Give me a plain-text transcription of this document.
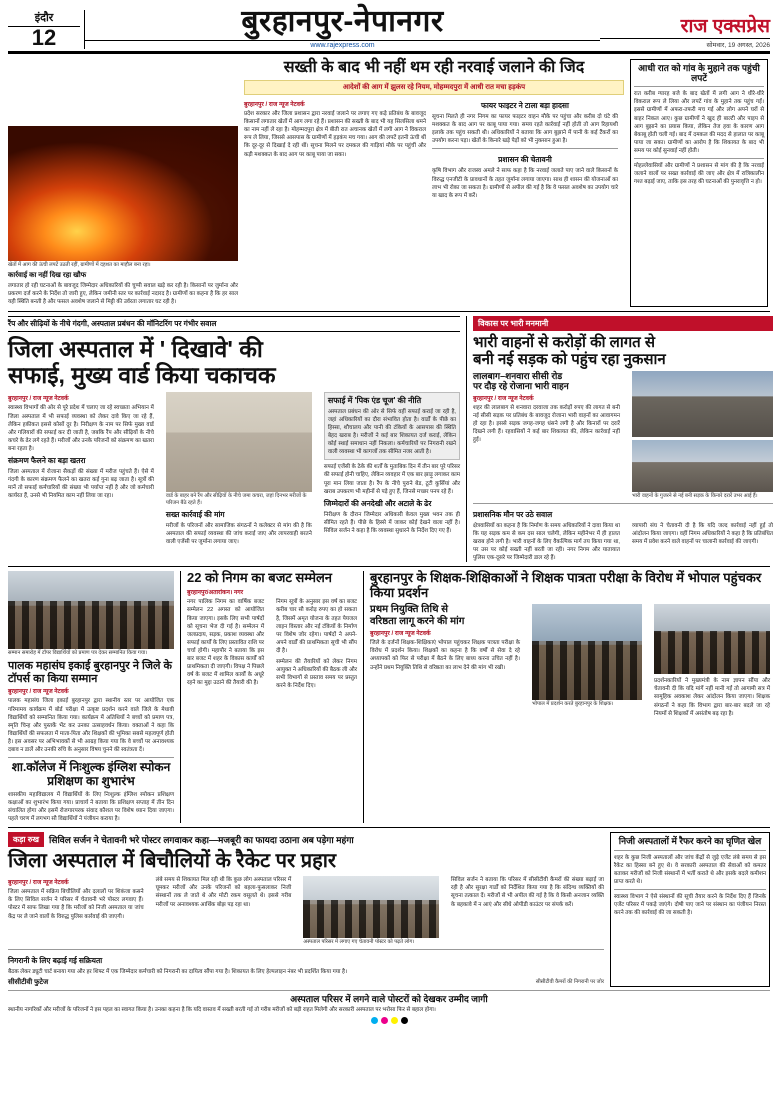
इंदौर
12	बुरहानपुर-नेपानगर
www.rajexpress.com
राज एक्सप्रेस
सोमवार, 19 अगस्त, 2026
खेतों में आग की ऊंची लपटें उठती रहीं, ग्रामीणों में दहशत का माहौल बना रहा।
कार्रवाई का नहीं दिख रहा खौफ
लगातार हो रही घटनाओं के बावजूद जिम्मेदार अधिकारियों की चुप्पी सवाल खड़े कर रही है। किसानों पर जुर्माना और प्रकरण दर्ज करने के निर्देश तो जारी हुए, लेकिन जमीनी स्तर पर कार्रवाई नदारद है। ग्रामीणों का कहना है कि हर साल यही स्थिति बनती है और फसल अवशेष जलाने से मिट्टी की उर्वरता लगातार घट रही है।
सख्ती के बाद भी नहीं थम रही नरवाई जलाने की जिद
आदेशों की आग में झुलस रहे नियम, मोहम्मदपुरा में आधी रात मचा हड़कंप
बुरहानपुर / राज न्यूज नेटवर्क
प्रदेश सरकार और जिला प्रशासन द्वारा नरवाई जलाने पर लगाए गए कड़े प्रतिबंध के बावजूद किसानों लगातार खेतों में आग लगा रहे हैं। प्रशासन की सख्ती के बाद भी यह सिलसिला थमने का नाम नहीं ले रहा है। मोहम्मदपुरा क्षेत्र में बीती रात अचानक खेतों में लगी आग ने विकराल रूप ले लिया, जिससे आसपास के ग्रामीणों में हड़कंप मच गया। आग की लपटें इतनी ऊंची थीं कि दूर-दूर से दिखाई दे रही थीं। सूचना मिलने पर दमकल की गाड़ियां मौके पर पहुंचीं और कड़ी मशक्कत के बाद आग पर काबू पाया जा सका।
फायर फाइटर ने टाला बड़ा हादसा
सूचना मिलते ही नगर निगम का फायर फाइटर वाहन मौके पर पहुंचा और करीब दो घंटे की मशक्कत के बाद आग पर काबू पाया गया। समय रहते कार्रवाई नहीं होती तो आग रिहायशी इलाके तक पहुंच सकती थी। अधिकारियों ने बताया कि आग बुझाने में पानी के कई टैंकरों का उपयोग करना पड़ा। खेतों के किनारे खड़े पेड़ों को भी नुकसान हुआ है।
प्रशासन की चेतावनी
कृषि विभाग और राजस्व अमले ने साफ कहा है कि नरवाई जलाते पाए जाने वाले किसानों के विरुद्ध एनजीटी के प्रावधानों के तहत जुर्माना लगाया जाएगा। साथ ही शासन की योजनाओं का लाभ भी रोका जा सकता है। ग्रामीणों से अपील की गई है कि वे फसल अवशेष का उपयोग चारे या खाद के रूप में करें।
आधी रात को गांव के मुहाने तक पहुंची लपटें
रात करीब ग्यारह बजे के बाद खेतों में लगी आग ने धीरे-धीरे विकराल रूप ले लिया और लपटें गांव के मुहाने तक पहुंच गईं। इससे ग्रामीणों में अफरा-तफरी मच गई और लोग अपने घरों से बाहर निकल आए। कुछ ग्रामीणों ने खुद ही बाल्टी और पाइप से आग बुझाने का प्रयास किया, लेकिन तेज हवा के कारण आग बेकाबू होती चली गई। बाद में दमकल की मदद से हालात पर काबू पाया जा सका। ग्रामीणों का आरोप है कि शिकायत के बाद भी समय पर कोई सुनवाई नहीं होती।
मोहल्लेवासियों और ग्रामीणों ने प्रशासन से मांग की है कि नरवाई जलाने वालों पर सख्त कार्रवाई की जाए और क्षेत्र में रात्रिकालीन गश्त बढ़ाई जाए, ताकि इस तरह की घटनाओं की पुनरावृत्ति न हो।
रैंप और सीढ़ियों के नीचे गंदगी, अस्पताल प्रबंधन की मॉनिटरिंग पर गंभीर सवाल
जिला अस्पताल में ' दिखावे' की
सफाई, मुख्य वार्ड किया चकाचक
बुरहानपुर / राज न्यूज नेटवर्क
स्वास्थ्य विभागों की ओर से पूरे प्रदेश में चलाए जा रहे स्वच्छता अभियान में जिला अस्पताल में भी सफाई व्यवस्था को लेकर दावे किए जा रहे हैं, लेकिन हकीकत इससे कोसों दूर है। निरीक्षण के नाम पर सिर्फ मुख्य वार्ड और गलियारों की सफाई कर दी जाती है, जबकि रैंप और सीढ़ियों के नीचे कचरे के ढेर लगे रहते हैं। मरीजों और उनके परिजनों को संक्रमण का खतरा बना रहता है।
संक्रमण फैलने का बड़ा खतरा
जिला अस्पताल में रोजाना सैकड़ों की संख्या में मरीज पहुंचते हैं। ऐसे में गंदगी के कारण संक्रमण फैलने का खतरा कई गुना बढ़ जाता है। सूत्रों की मानें तो सफाई कर्मचारियों की संख्या भी पर्याप्त नहीं है और जो कर्मचारी कार्यरत हैं, उनसे भी नियमित काम नहीं लिया जा रहा।	वार्ड के बाहर बने रैंप और सीढ़ियों के नीचे जमा कचरा, जहां दिनभर मरीजों के परिजन बैठे रहते हैं।
सख्त कार्रवाई की मांग
मरीजों के परिजनों और सामाजिक संगठनों ने कलेक्टर से मांग की है कि अस्पताल की सफाई व्यवस्था की जांच कराई जाए और लापरवाही बरतने वाली एजेंसी पर जुर्माना लगाया जाए।
सफाई में 'पिक एंड चूज' की नीति
अस्पताल प्रबंधन की ओर से सिर्फ वहीं सफाई कराई जा रही है, जहां अधिकारियों का दौरा संभावित होता है। वार्डों के पीछे का हिस्सा, शौचालय और पानी की टंकियों के आसपास की स्थिति बेहद खराब है। मरीजों ने कई बार शिकायत दर्ज कराई, लेकिन कोई स्थाई समाधान नहीं निकला। कर्मचारियों पर निगरानी रखने वाली व्यवस्था भी कागजों तक सीमित नजर आती है।
सफाई एजेंसी के ठेके की शर्तों के मुताबिक दिन में तीन बार पूरे परिसर की सफाई होनी चाहिए, लेकिन व्यवहार में एक बार झाड़ू लगाकर काम पूरा मान लिया जाता है। रैंप के नीचे पुराने बेड, टूटी कुर्सियां और खराब उपकरण भी महीनों से पड़े हुए हैं, जिनसे मच्छर पनप रहे हैं।
जिम्मेदारों की अनदेखी और अटाले के ढेर
निरीक्षण के दौरान जिम्मेदार अधिकारी केवल मुख्य भवन तक ही सीमित रहते हैं। पीछे के हिस्से में जाकर कोई देखने वाला नहीं है। सिविल सर्जन ने कहा है कि व्यवस्था सुधारने के निर्देश दिए गए हैं।
विकास पर भारी मनमानी
भारी वाहनों से करोड़ों की लागत से
बनी नई सड़क को पहुंच रहा नुकसान
लालबाग–शनवारा सीसी रोड
पर दौड़ रहे रोजाना भारी वाहन
बुरहानपुर / राज न्यूज नेटवर्क
शहर की लालबाग से शनवारा दरवाजा तक करोड़ों रुपए की लागत से बनी नई सीसी सड़क पर प्रतिबंध के बावजूद रोजाना भारी वाहनों का आवागमन हो रहा है। इससे सड़क जगह-जगह धंसने लगी है और किनारों पर दरारें दिखने लगी हैं। रहवासियों ने कई बार शिकायत की, लेकिन कार्रवाई नहीं हुई।
भारी वाहनों के गुजरने से नई बनी सड़क के किनारे दरारें उभर आई हैं।
प्रशासनिक मौन पर उठे सवाल
क्षेत्रवासियों का कहना है कि निर्माण के समय अधिकारियों ने दावा किया था कि यह सड़क कम से कम दस साल चलेगी, लेकिन महीनेभर में ही हालत खराब होने लगी है। भारी वाहनों के लिए वैकल्पिक मार्ग तय किया गया था, पर उस पर कोई सख्ती नहीं बरती जा रही। नगर निगम और यातायात पुलिस एक-दूसरे पर जिम्मेदारी डाल रहे हैं।
व्यापारी संघ ने चेतावनी दी है कि यदि जल्द कार्रवाई नहीं हुई तो आंदोलन किया जाएगा। वहीं निगम अधिकारियों ने कहा है कि प्रतिबंधित समय में प्रवेश करने वाले वाहनों पर चालानी कार्रवाई की जाएगी।
सम्मान समारोह में टॉपर विद्यार्थियों को प्रमाण पत्र देकर सम्मानित किया गया।
पालक महासंघ इकाई बुरहानपुर ने जिले के टॉपर्स का किया सम्मान
बुरहानपुर / राज न्यूज नेटवर्क
पालक महासंघ जिला इकाई बुरहानपुर द्वारा स्थानीय स्तर पर आयोजित एक गरिमामय कार्यक्रम में बोर्ड परीक्षा में उत्कृष्ट प्रदर्शन करने वाले जिले के मेधावी विद्यार्थियों को सम्मानित किया गया। कार्यक्रम में अतिथियों ने बच्चों को प्रमाण पत्र, स्मृति चिन्ह और पुस्तकें भेंट कर उनका उत्साहवर्धन किया। वक्ताओं ने कहा कि विद्यार्थियों की सफलता में माता-पिता और शिक्षकों की भूमिका सबसे महत्वपूर्ण होती है। इस अवसर पर अभिभावकों से भी आग्रह किया गया कि वे बच्चों पर अनावश्यक दबाव न डालें और उनकी रुचि के अनुसार विषय चुनने की स्वतंत्रता दें।
शा.कॉलेज में निःशुल्क इंग्लिश स्पोकन प्रशिक्षण का शुभारंभ
शासकीय महाविद्यालय में विद्यार्थियों के लिए निःशुल्क इंग्लिश स्पोकन प्रशिक्षण कक्षाओं का शुभारंभ किया गया। प्राचार्य ने बताया कि प्रशिक्षण सप्ताह में तीन दिन संचालित होगा और इसमें रोजगारपरक संवाद कौशल पर विशेष ध्यान दिया जाएगा। पहले चरण में लगभग सौ विद्यार्थियों ने पंजीयन कराया है।
22 को निगम का बजट सम्मेलन
बुरहानपुर/अतारांकन। नगर
नगर पालिक निगम का वार्षिक बजट सम्मेलन 22 अगस्त को आयोजित किया जाएगा। इसके लिए सभी पार्षदों को सूचना भेज दी गई है। सम्मेलन में जलप्रदाय, सड़क, प्रकाश व्यवस्था और सफाई कार्यों के लिए प्रस्तावित राशि पर चर्चा होगी। महापौर ने बताया कि इस बार बजट में शहर के विकास कार्यों को प्राथमिकता दी जाएगी। विपक्ष ने पिछले वर्ष के बजट में शामिल कार्यों के अधूरे रहने का मुद्दा उठाने की तैयारी की है।
निगम सूत्रों के अनुसार इस वर्ष का बजट करीब चार सौ करोड़ रुपए का हो सकता है, जिसमें अमृत योजना के तहत पेयजल लाइन विस्तार और नई टंकियों के निर्माण पर विशेष जोर रहेगा। पार्षदों ने अपने-अपने वार्डों की प्राथमिकता सूची भी सौंप दी है।
सम्मेलन की तैयारियों को लेकर निगम आयुक्त ने अधिकारियों की बैठक ली और सभी विभागों से प्रस्ताव समय पर प्रस्तुत करने के निर्देश दिए।
बुरहानपुर के शिक्षक-शिक्षिकाओं ने शिक्षक पात्रता परीक्षा के विरोध में भोपाल पहुंचकर किया प्रदर्शन
प्रथम नियुक्ति तिथि से
वरिष्ठता लागू करने की मांग
बुरहानपुर / राज न्यूज नेटवर्क
जिले के दर्जनों शिक्षक-शिक्षिकाएं भोपाल पहुंचकर शिक्षक पात्रता परीक्षा के विरोध में प्रदर्शन किया। शिक्षकों का कहना है कि वर्षों से सेवा दे रहे अध्यापकों को फिर से परीक्षा में बैठने के लिए बाध्य करना उचित नहीं है। उन्होंने प्रथम नियुक्ति तिथि से वरिष्ठता का लाभ देने की मांग भी रखी।
भोपाल में प्रदर्शन करते बुरहानपुर के शिक्षक।
प्रदर्शनकारियों ने मुख्यमंत्री के नाम ज्ञापन सौंपा और चेतावनी दी कि यदि मांगें नहीं मानी गईं तो आगामी सत्र में सामूहिक अवकाश लेकर आंदोलन किया जाएगा। शिक्षक संगठनों ने कहा कि विभाग द्वारा बार-बार बदले जा रहे नियमों से शिक्षकों में असंतोष बढ़ रहा है।
कड़ा रुख	सिविल सर्जन ने चेतावनी भरे पोस्टर लगवाकर कहा—मजबूरी का फायदा उठाना अब पड़ेगा महंगा
जिला अस्पताल में बिचौलियों के रैकेट पर प्रहार
बुरहानपुर / राज न्यूज नेटवर्क
जिला अस्पताल में सक्रिय बिचौलियों और दलालों पर शिकंजा कसने के लिए सिविल सर्जन ने परिसर में चेतावनी भरे पोस्टर लगवाए हैं। पोस्टर में साफ लिखा गया है कि मरीजों को निजी अस्पताल या जांच केंद्र पर ले जाने वालों के विरुद्ध पुलिस कार्रवाई की जाएगी।
लंबे समय से शिकायत मिल रही थी कि कुछ लोग अस्पताल परिसर में घूमकर मरीजों और उनके परिजनों को बहला-फुसलाकर निजी संस्थानों तक ले जाते थे और मोटी रकम वसूलते थे। इससे गरीब मरीजों पर अनावश्यक आर्थिक बोझ पड़ रहा था।
अस्पताल परिसर में लगाए गए चेतावनी पोस्टर को पढ़ते लोग।
सिविल सर्जन ने बताया कि परिसर में सीसीटीवी कैमरों की संख्या बढ़ाई जा रही है और सुरक्षा गार्डों को निर्देशित किया गया है कि संदिग्ध व्यक्तियों की सूचना तत्काल दें। मरीजों से भी अपील की गई है कि वे किसी अनजान व्यक्ति के बहकावे में न आएं और सीधे ओपीडी काउंटर पर संपर्क करें।
निगरानी के लिए बढ़ाई गई सक्रियता
बैठक लेकर ड्यूटी चार्ट बनाया गया और हर शिफ्ट में एक जिम्मेदार कर्मचारी को निगरानी का दायित्व सौंपा गया है। शिकायत के लिए हेल्पलाइन नंबर भी प्रदर्शित किया गया है।
सीसीटीवी फुटेज	सीसीटीवी कैमरों की निगरानी पर जोर
निजी अस्पतालों में रैफर करने का घृणित खेल
शहर के कुछ निजी अस्पतालों और जांच केंद्रों से जुड़े एजेंट लंबे समय से इस रैकेट का हिस्सा बने हुए थे। वे सरकारी अस्पताल की सेवाओं को कमतर बताकर मरीजों को निजी संस्थानों में भर्ती कराते थे और इसके बदले कमीशन प्राप्त करते थे।
स्वास्थ्य विभाग ने ऐसे संस्थानों की सूची तैयार करने के निर्देश दिए हैं जिनके एजेंट परिसर में पकड़े जाएंगे। दोषी पाए जाने पर संस्थान का पंजीयन निरस्त करने तक की कार्रवाई की जा सकती है।
अस्पताल परिसर में लगने वाले पोस्टरों को देखकर उम्मीद जागी
स्थानीय नागरिकों और मरीजों के परिजनों ने इस पहल का स्वागत किया है। उनका कहना है कि यदि वास्तव में सख्ती बरती गई तो गरीब मरीजों को बड़ी राहत मिलेगी और सरकारी अस्पताल पर भरोसा फिर से बहाल होगा।
